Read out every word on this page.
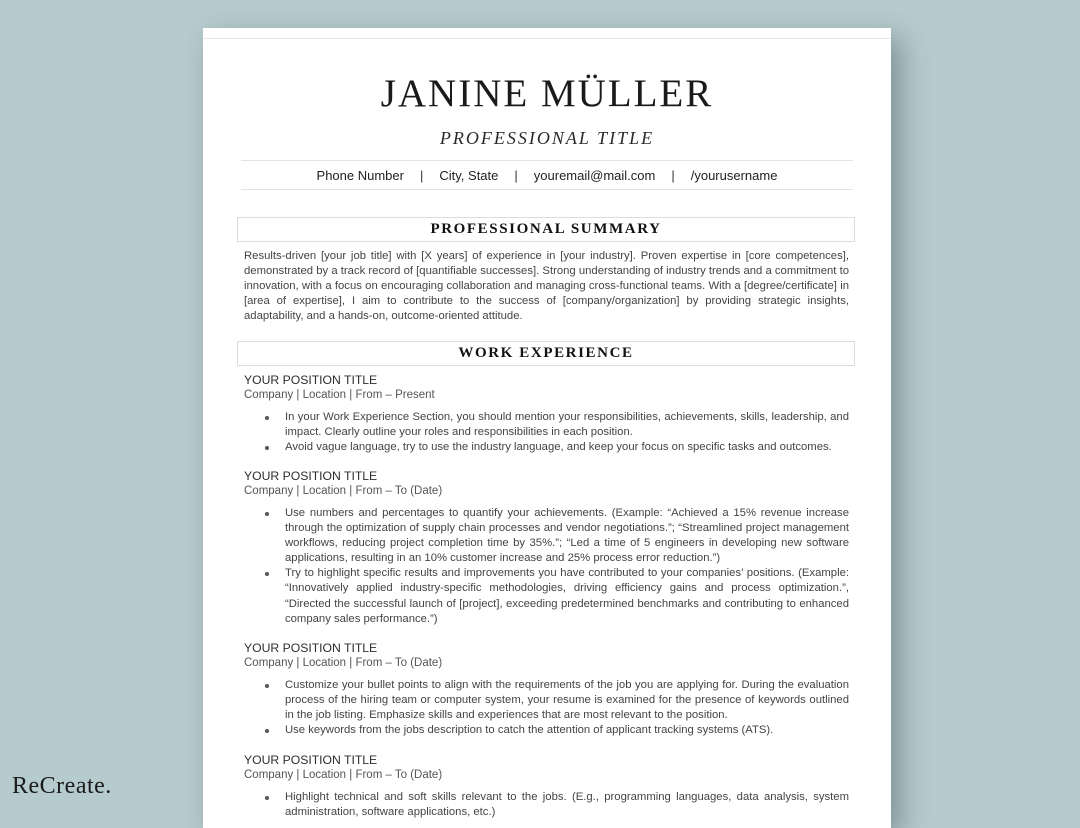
JANINE MÜLLER
PROFESSIONAL TITLE
Phone Number | City, State | youremail@mail.com | /yourusername
PROFESSIONAL SUMMARY

Results-driven [your job title] with [X years] of experience in [your industry]. Proven expertise in [core competences], demonstrated by a track record of [quantifiable successes]. Strong understanding of industry trends and a commitment to innovation, with a focus on encouraging collaboration and managing cross-functional teams. With a [degree/certificate] in [area of expertise], I aim to contribute to the success of [company/organization] by providing strategic insights, adaptability, and a hands-on, outcome-oriented attitude.

WORK EXPERIENCE
YOUR POSITION TITLE
Company | Location | From – Present
In your Work Experience Section, you should mention your responsibilities, achievements, skills, leadership, and impact. Clearly outline your roles and responsibilities in each position.
Avoid vague language, try to use the industry language, and keep your focus on specific tasks and outcomes.
YOUR POSITION TITLE
Company | Location | From – To (Date)
Use numbers and percentages to quantify your achievements. (Example: “Achieved a 15% revenue increase through the optimization of supply chain processes and vendor negotiations.”; “Streamlined project management workflows, reducing project completion time by 35%.”; “Led a time of 5 engineers in developing new software applications, resulting in an 10% customer increase and 25% process error reduction.”)
Try to highlight specific results and improvements you have contributed to your companies’ positions. (Example: “Innovatively applied industry-specific methodologies, driving efficiency gains and process optimization.”, “Directed the successful launch of [project], exceeding predetermined benchmarks and contributing to enhanced company sales performance.”)
YOUR POSITION TITLE
Company | Location | From – To (Date)
Customize your bullet points to align with the requirements of the job you are applying for. During the evaluation process of the hiring team or computer system, your resume is examined for the presence of keywords outlined in the job listing. Emphasize skills and experiences that are most relevant to the position.
Use keywords from the jobs description to catch the attention of applicant tracking systems (ATS).
YOUR POSITION TITLE
Company | Location | From – To (Date)
Highlight technical and soft skills relevant to the jobs. (E.g., programming languages, data analysis, system administration, software applications, etc.)
ReCreate.
